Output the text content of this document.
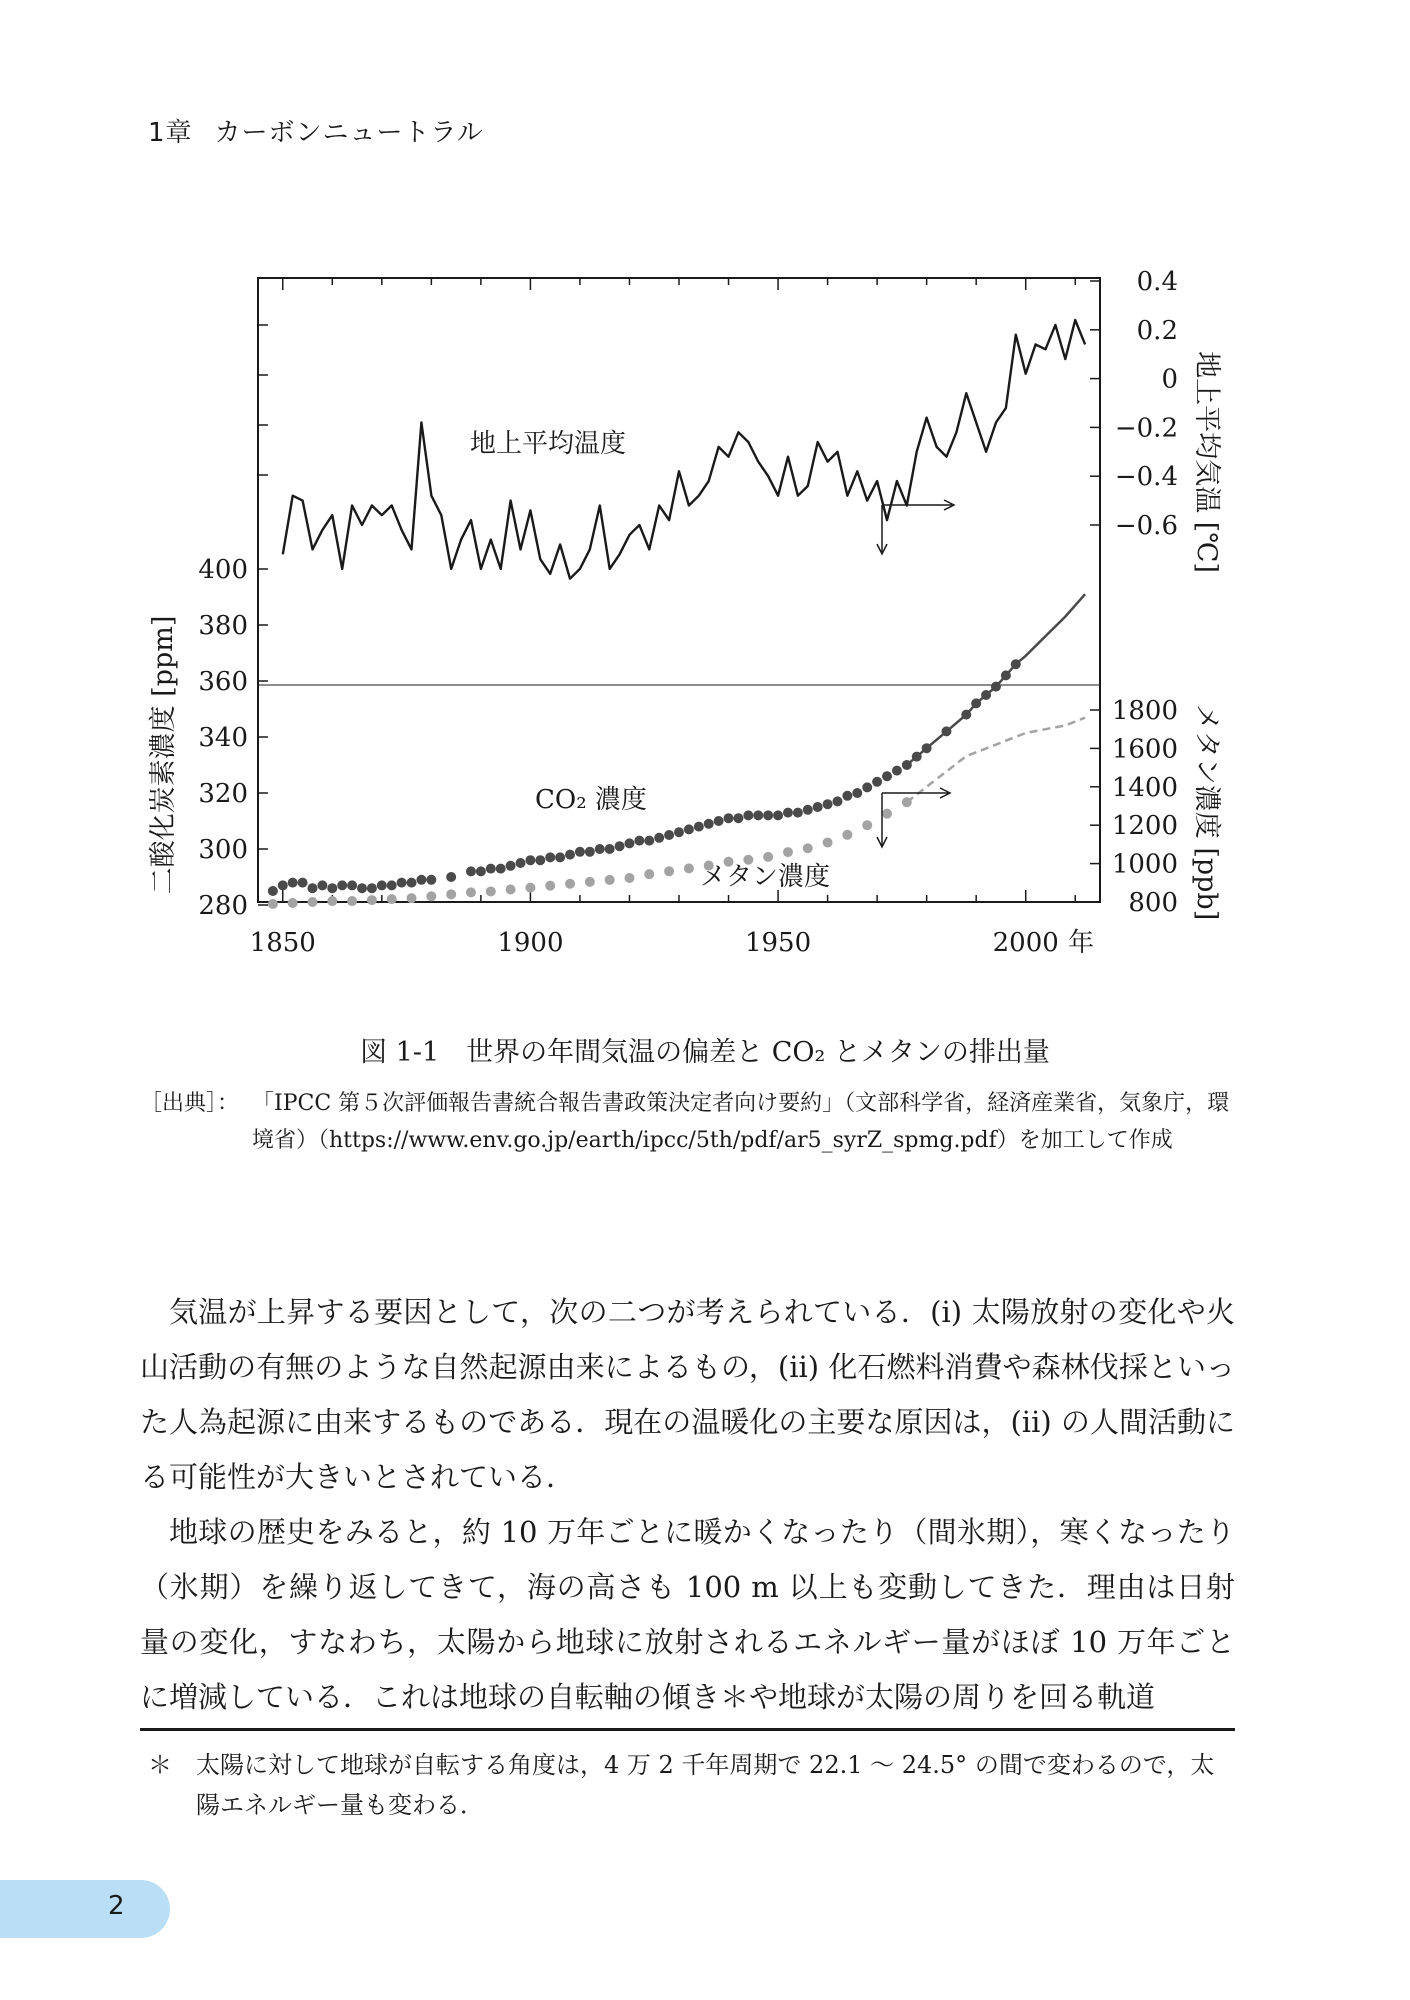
1章 カーボンニュートラル
280
300
320
340
360
380
400
0.4
0.2
0
−0.2
−0.4
−0.6
1800
1600
1400
1200
1000
800
1850	1900	1950	2000
地上平均温度
CO₂ 濃度
メタン濃度
二酸化炭素濃度 [ppm]
地上平均気温 [℃]
メタン濃度 [ppb]
年
図 1-1　世界の年間気温の偏差と CO₂ とメタンの排出量
［出典］： 「IPCC 第５次評価報告書統合報告書政策決定者向け要約」（文部科学省，経済産業省，気象庁，環境省）（https://www.env.go.jp/earth/ipcc/5th/pdf/ar5_syrZ_spmg.pdf）を加工して作成

気温が上昇する要因として，次の二つが考えられている．(i) 太陽放射の変化や火山活動の有無のような自然起源由来によるもの，(ii) 化石燃料消費や森林伐採といった人為起源に由来するものである．現在の温暖化の主要な原因は，(ii) の人間活動にる可能性が大きいとされている．

地球の歴史をみると，約 10 万年ごとに暖かくなったり（間氷期），寒くなったり（氷期）を繰り返してきて，海の高さも 100 m 以上も変動してきた．理由は日射量の変化，すなわち，太陽から地球に放射されるエネルギー量がほぼ 10 万年ごとに増減している．これは地球の自転軸の傾き＊や地球が太陽の周りを回る軌道

＊	太陽に対して地球が自転する角度は，4 万 2 千年周期で 22.1 ～ 24.5° の間で変わるので，太陽エネルギー量も変わる．
2
